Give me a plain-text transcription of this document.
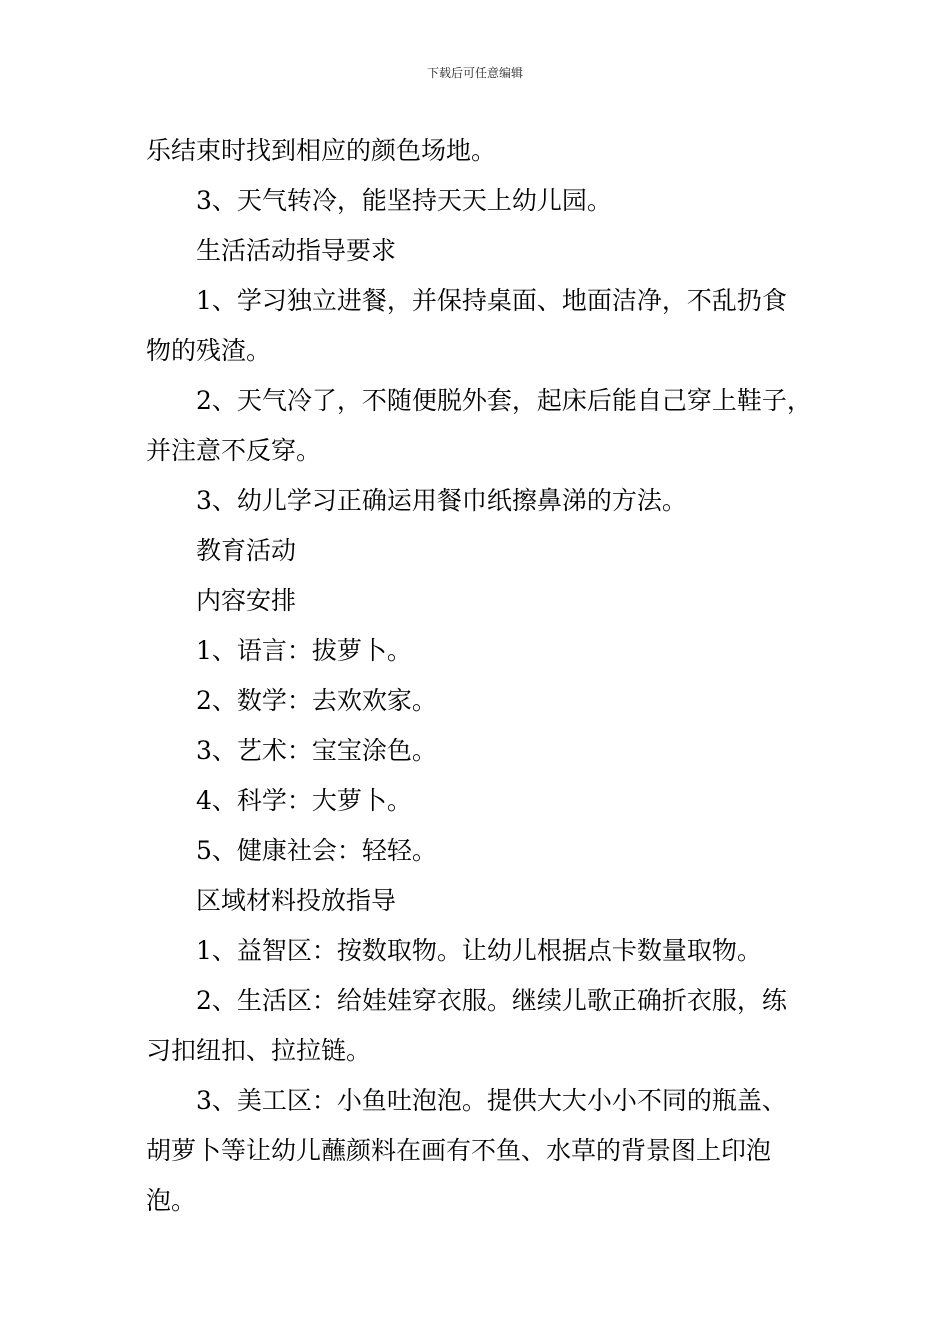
下载后可任意编辑
乐结束时找到相应的颜色场地。
3、天气转冷，能坚持天天上幼儿园。
生活活动指导要求
1、学习独立进餐，并保持桌面、地面洁净，不乱扔食
物的残渣。
2、天气冷了，不随便脱外套，起床后能自己穿上鞋子，
并注意不反穿。
3、幼儿学习正确运用餐巾纸擦鼻涕的方法。
教育活动
内容安排
1、语言：拔萝卜。
2、数学：去欢欢家。
3、艺术：宝宝涂色。
4、科学：大萝卜。
5、健康社会：轻轻。
区域材料投放指导
1、益智区：按数取物。让幼儿根据点卡数量取物。
2、生活区：给娃娃穿衣服。继续儿歌正确折衣服，练
习扣纽扣、拉拉链。
3、美工区：小鱼吐泡泡。提供大大小小不同的瓶盖、
胡萝卜等让幼儿蘸颜料在画有不鱼、水草的背景图上印泡
泡。
